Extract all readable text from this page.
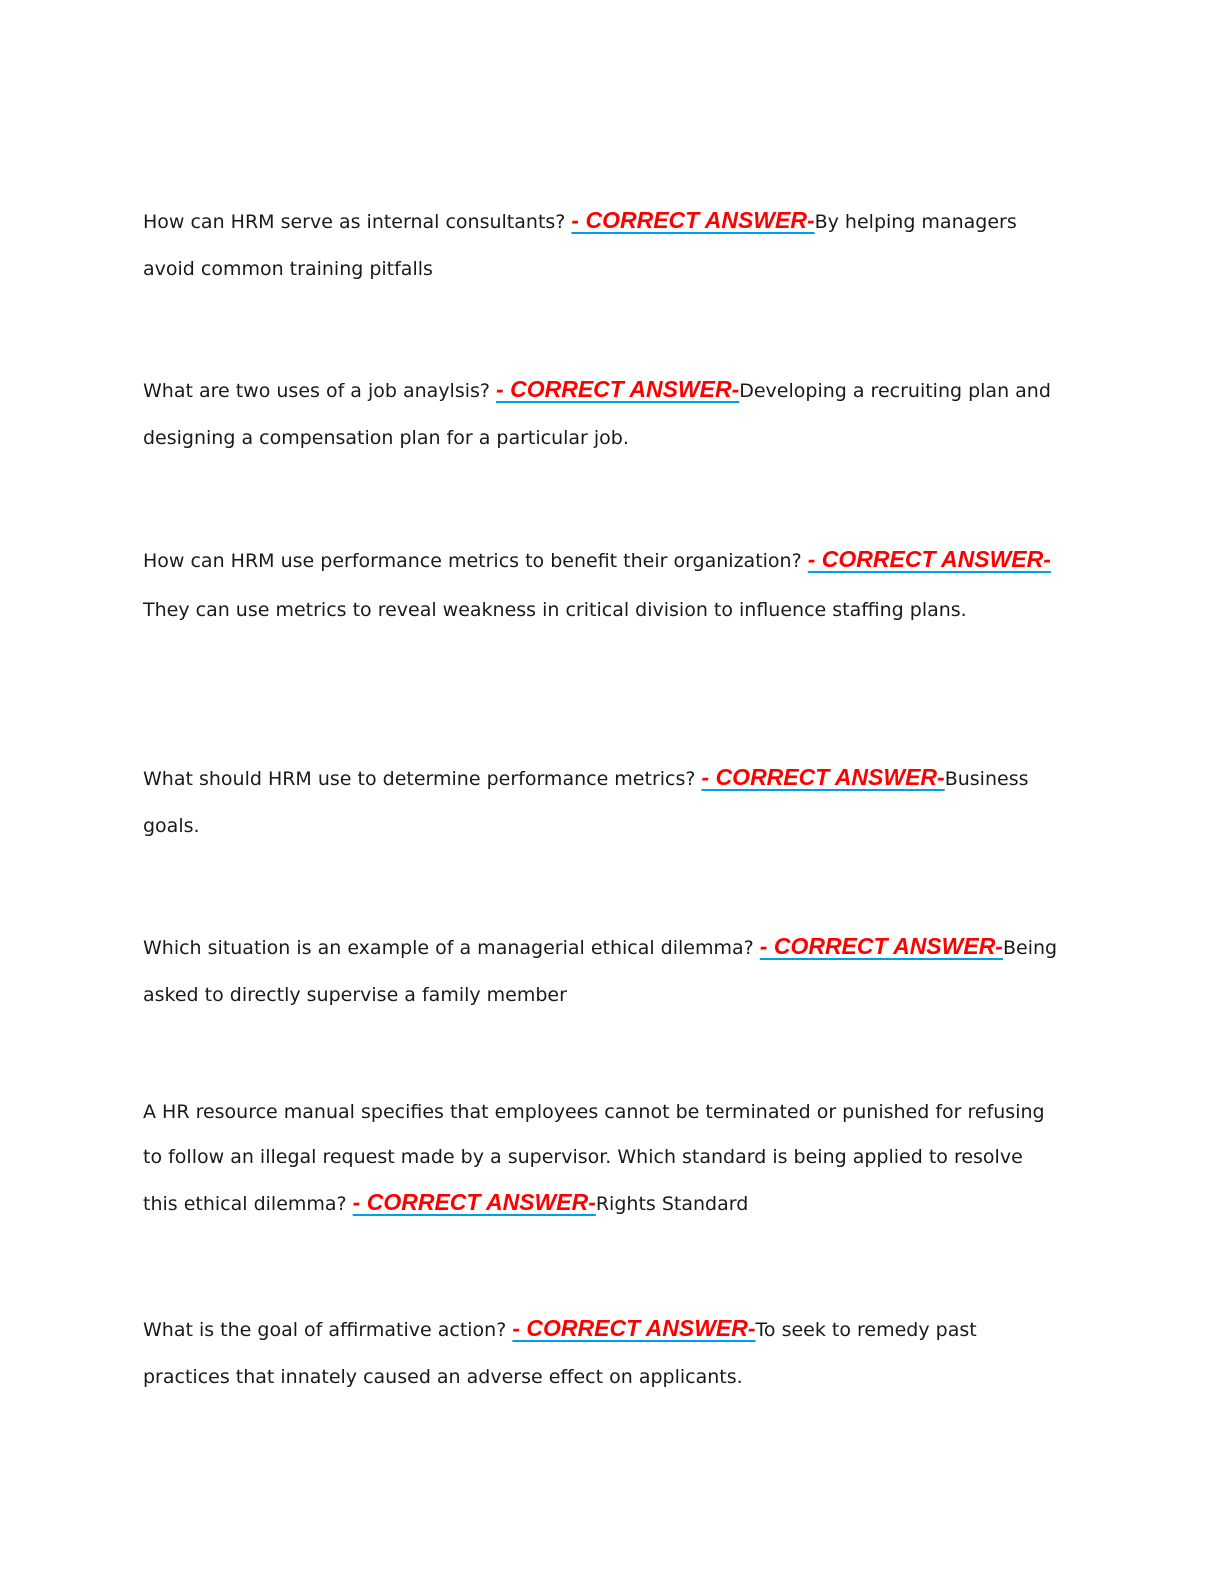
How can HRM serve as internal consultants? - CORRECT ANSWER-By helping managers avoid common training pitfalls

What are two uses of a job anaylsis? - CORRECT ANSWER-Developing a recruiting plan and designing a compensation plan for a particular job.

How can HRM use performance metrics to benefit their organization? - CORRECT ANSWER-They can use metrics to reveal weakness in critical division to influence staffing plans.

What should HRM use to determine performance metrics? - CORRECT ANSWER-Business goals.

Which situation is an example of a managerial ethical dilemma? - CORRECT ANSWER-Being asked to directly supervise a family member

A HR resource manual specifies that employees cannot be terminated or punished for refusing to follow an illegal request made by a supervisor. Which standard is being applied to resolve this ethical dilemma? - CORRECT ANSWER-Rights Standard

What is the goal of affirmative action? - CORRECT ANSWER-To seek to remedy past practices that innately caused an adverse effect on applicants.
